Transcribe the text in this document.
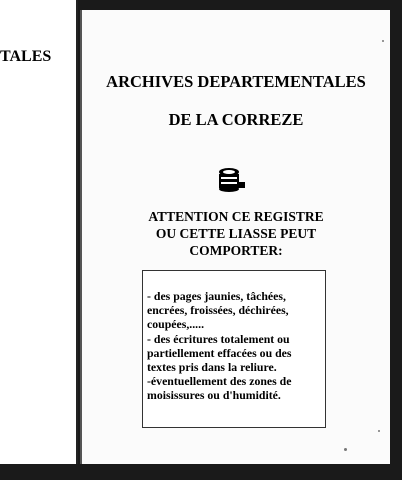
TALES
ARCHIVES DEPARTEMENTALES
DE LA CORREZE
ATTENTION CE REGISTRE
OU CETTE LIASSE PEUT
COMPORTER:
- des pages jaunies, tâchées,
encrées, froissées, déchirées,
coupées,.....
- des écritures totalement ou
partiellement effacées ou des
textes pris dans la reliure.
-éventuellement des zones de
moisissures ou d'humidité.
